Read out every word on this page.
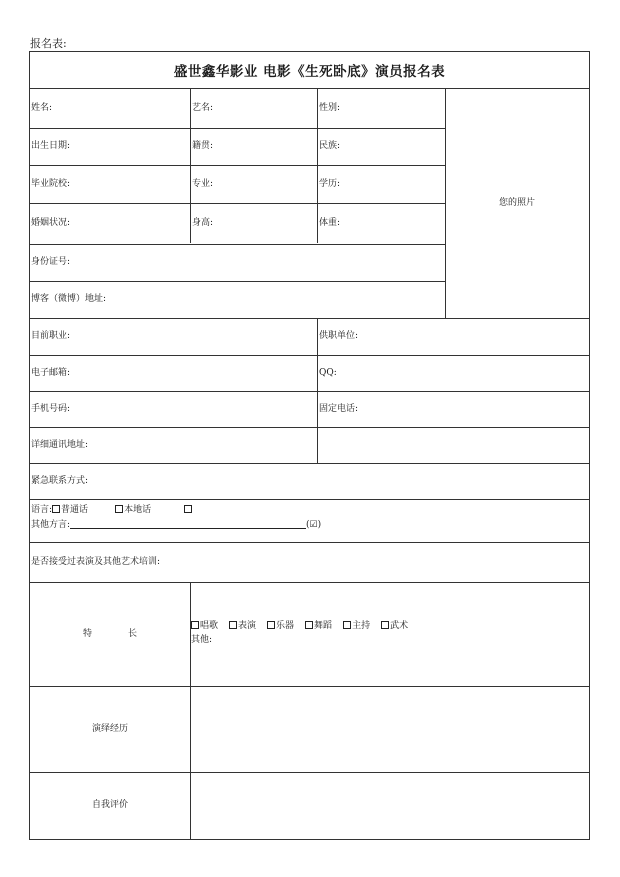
报名表:
盛世鑫华影业 电影《生死卧底》演员报名表
您的照片
姓名:	艺名:	性别:
出生日期:	籍贯:	民族:
毕业院校:	专业:	学历:
婚姻状况:	身高:	体重:
身份证号:
博客（微博）地址:
目前职业:	供职单位:
电子邮箱:	QQ:
手机号码:	固定电话:
详细通讯地址:
紧急联系方式:
语言: 普通话	本地话
其他方言:	(☑)
是否接受过表演及其他艺术培训:
特	长
唱歌 表演 乐器 舞蹈 主持 武术
其他:
演绎经历
自我评价
